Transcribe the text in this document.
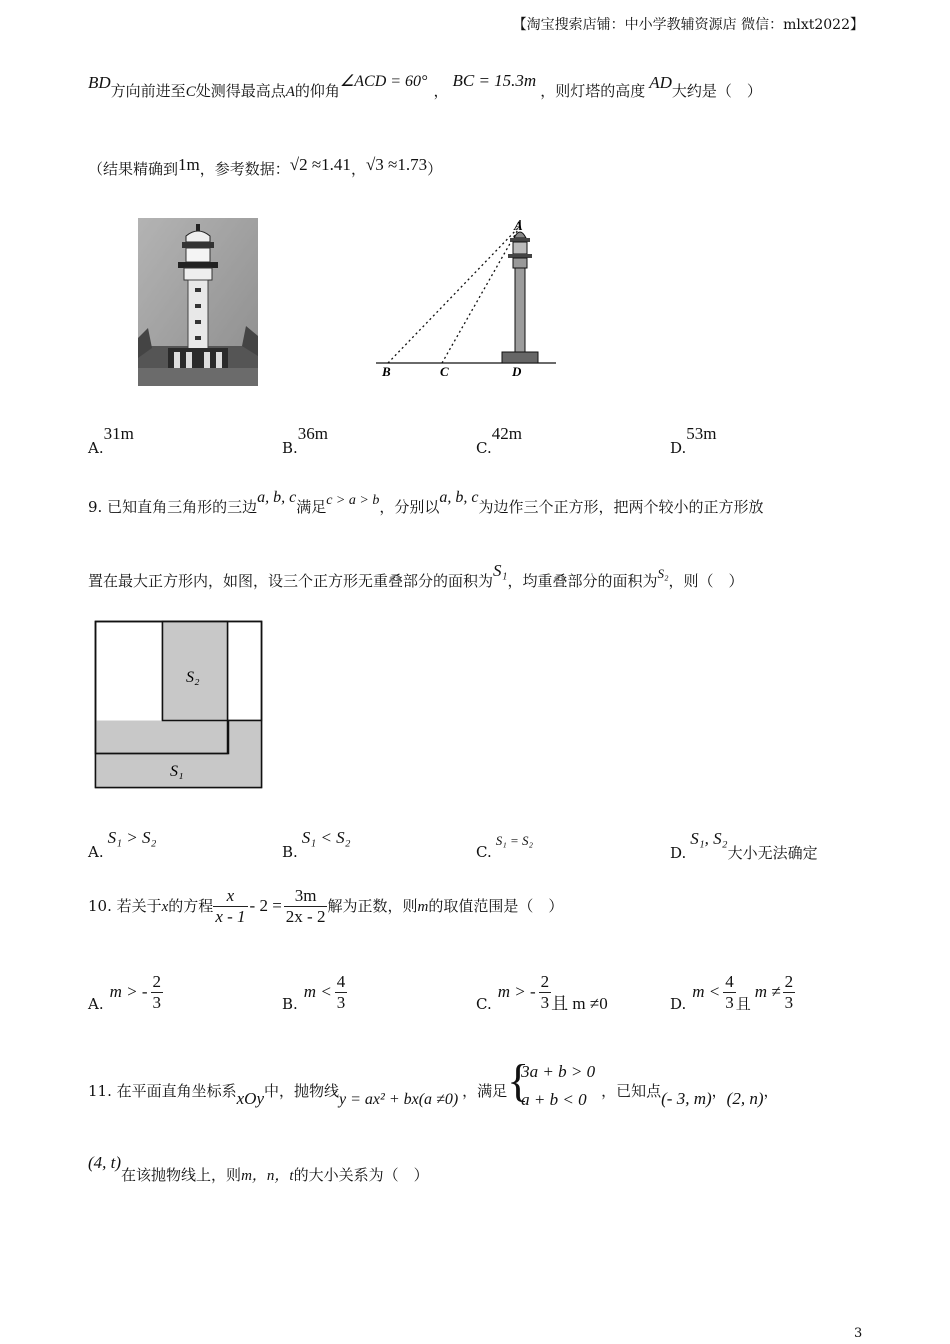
【淘宝搜索店铺：中小学教辅资源店 微信：mlxt2022】
BD方向前进至C处测得最高点A的仰角∠ACD = 60°，BC = 15.3m，则灯塔的高度 AD大约是（　）
（结果精确到1m，参考数据：√2 ≈1.41，√3 ≈1.73）
A
B	C	D
A.31m
B.36m
C.42m
D.53m
9. 已知直角三角形的三边a, b, c满足c > a > b，分别以a, b, c为边作三个正方形，把两个较小的正方形放
置在最大正方形内，如图，设三个正方形无重叠部分的面积为S₁，均重叠部分的面积为$^{S_2}$，则（　）
S₂
S₁
A.S₁ > S₂
B.S₁ < S₂
C.S₁ = S₂
D.S₁, S₂大小无法确定
10. 若关于x的方程 $\frac{x}{x - 1} - 2 = \frac{3m}{2x - 2}$ 解为正数，则m的取值范围是（　）
A.m > - $\frac{2}{3}$	$B.m < \frac{4}{3}$	C.m > - $\frac{2}{3}$ 且 m ≠0	$D.m < \frac{4}{3}$ 且$m \ne \frac{2}{3}$
11. 在平面直角坐标系xOy中，抛物线y = ax² + bx(a ≠0) ，满足 {
3a + b > 0
a + b < 0 ，已知点(- 3, m)，(2, n)，
(4, t)在该抛物线上，则m，n，t的大小关系为（　）
3
